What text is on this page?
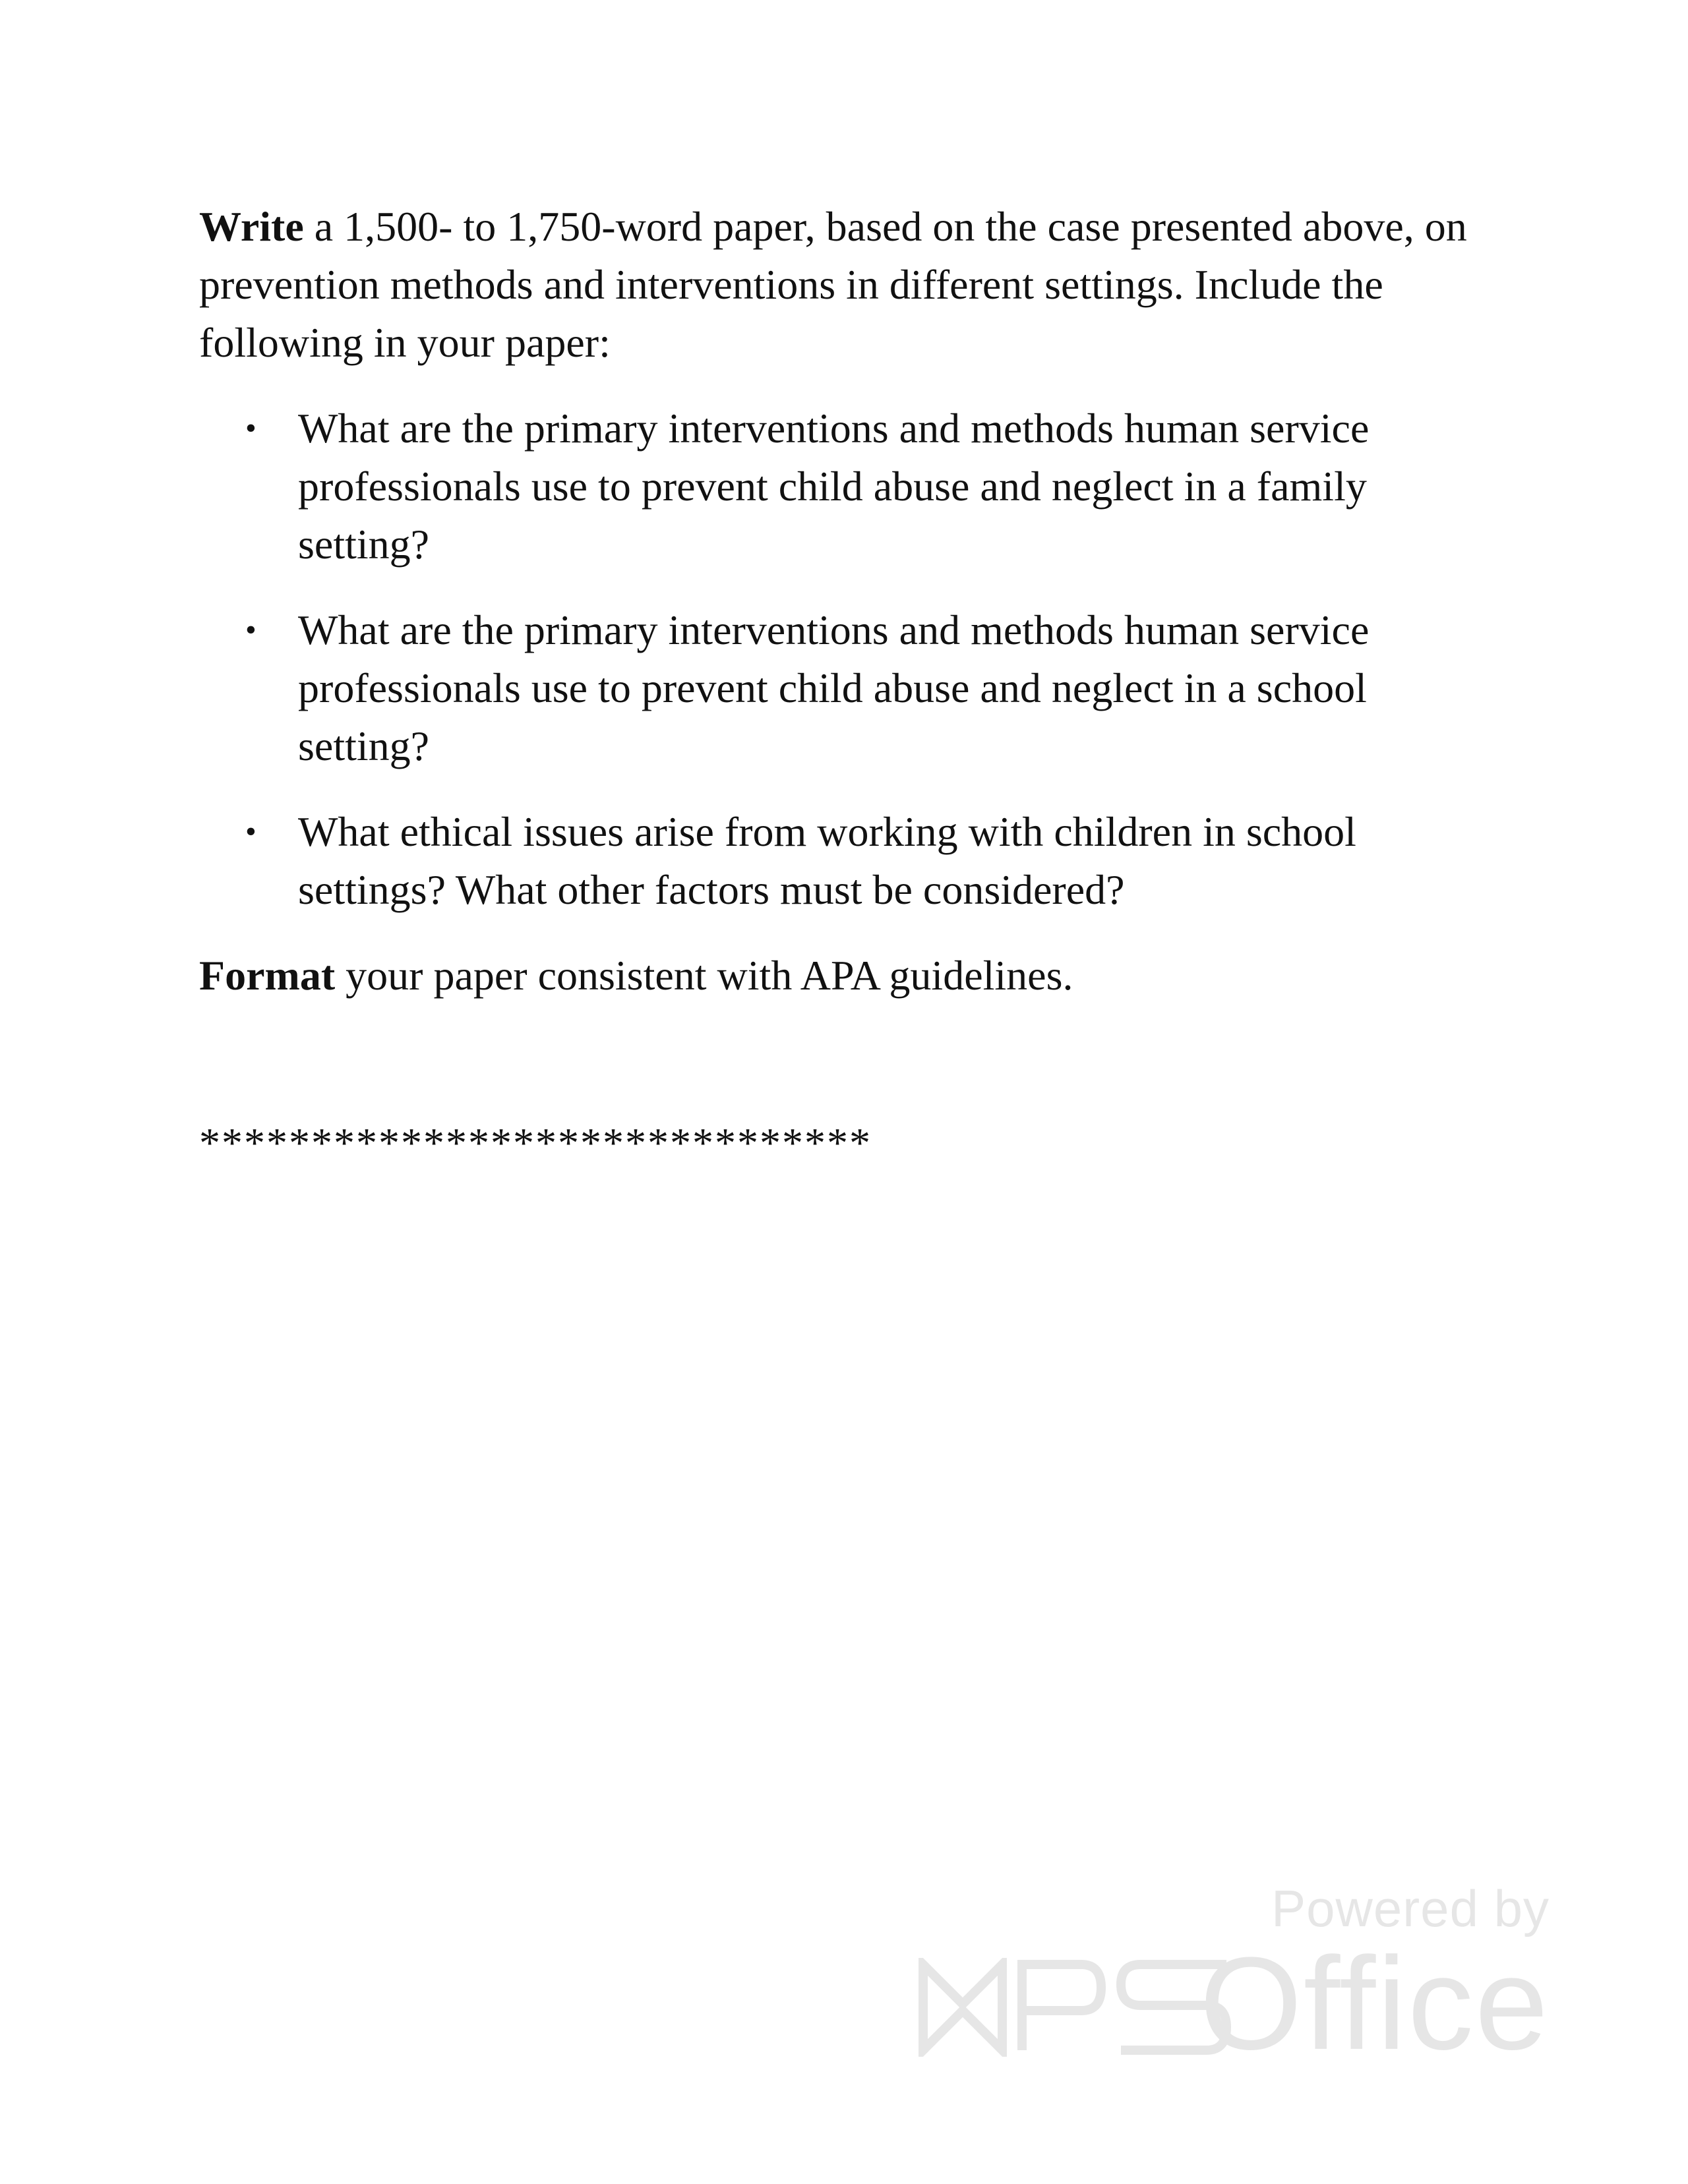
Write a 1,500- to 1,750-word paper, based on the case presented above, on prevention methods and interventions in different settings. Include the following in your paper:

• What are the primary interventions and methods human service professionals use to prevent child abuse and neglect in a family setting?
• What are the primary interventions and methods human service professionals use to prevent child abuse and neglect in a school setting?
• What ethical issues arise from working with children in school settings? What other factors must be considered?

Format your paper consistent with APA guidelines.

******************************

Powered by
Office
